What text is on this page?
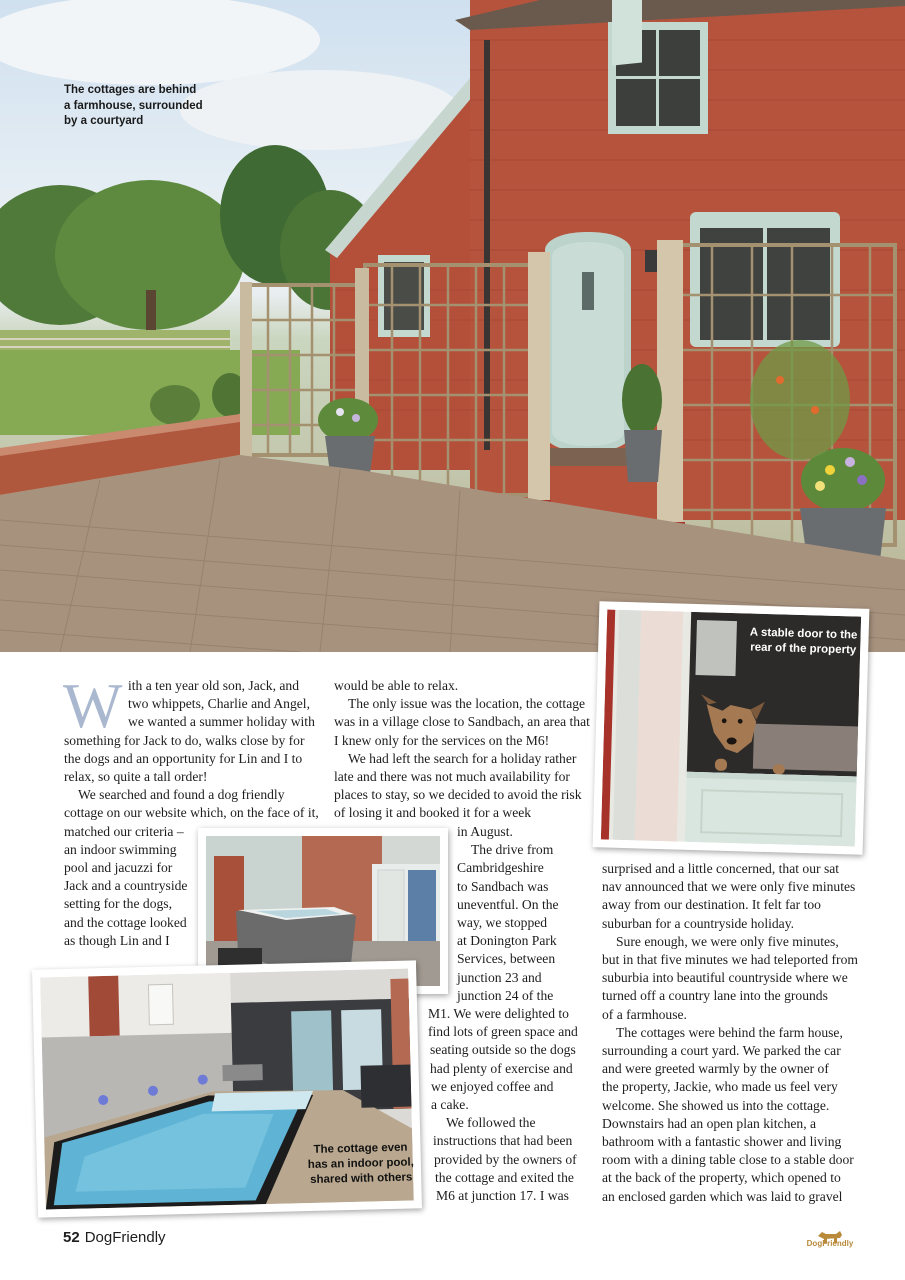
The cottages are behind
a farmhouse, surrounded
by a courtyard
W ith a ten year old son, Jack, and

two whippets, Charlie and Angel,

we wanted a summer holiday with

something for Jack to do, walks close by for

the dogs and an opportunity for Lin and I to

relax, so quite a tall order!

We searched and found a dog friendly

cottage on our website which, on the face of it,

matched our criteria –

an indoor swimming

pool and jacuzzi for

Jack and a countryside

setting for the dogs,

and the cottage looked

as though Lin and I

would be able to relax.

The only issue was the location, the cottage

was in a village close to Sandbach, an area that

I knew only for the services on the M6!

We had left the search for a holiday rather

late and there was not much availability for

places to stay, so we decided to avoid the risk

of losing it and booked it for a week

in August.

The drive from

Cambridgeshire

to Sandbach was

uneventful. On the

way, we stopped

at Donington Park

Services, between

junction 23 and

junction 24 of the

M1. We were delighted to

find lots of green space and

seating outside so the dogs

had plenty of exercise and

we enjoyed coffee and

a cake.

We followed the

instructions that had been

provided by the owners of

the cottage and exited the

M6 at junction 17. I was

surprised and a little concerned, that our sat

nav announced that we were only five minutes

away from our destination. It felt far too

suburban for a countryside holiday.

Sure enough, we were only five minutes,

but in that five minutes we had teleported from

suburbia into beautiful countryside where we

turned off a country lane into the grounds

of a farmhouse.

The cottages were behind the farm house,

surrounding a court yard. We parked the car

and were greeted warmly by the owner of

the property, Jackie, who made us feel very

welcome. She showed us into the cottage.

Downstairs had an open plan kitchen, a

bathroom with a fantastic shower and living

room with a dining table close to a stable door

at the back of the property, which opened to

an enclosed garden which was laid to gravel

A stable door to the
rear of the property
The cottage even
has an indoor pool,
shared with others
52 DogFriendly	DogFriendly
